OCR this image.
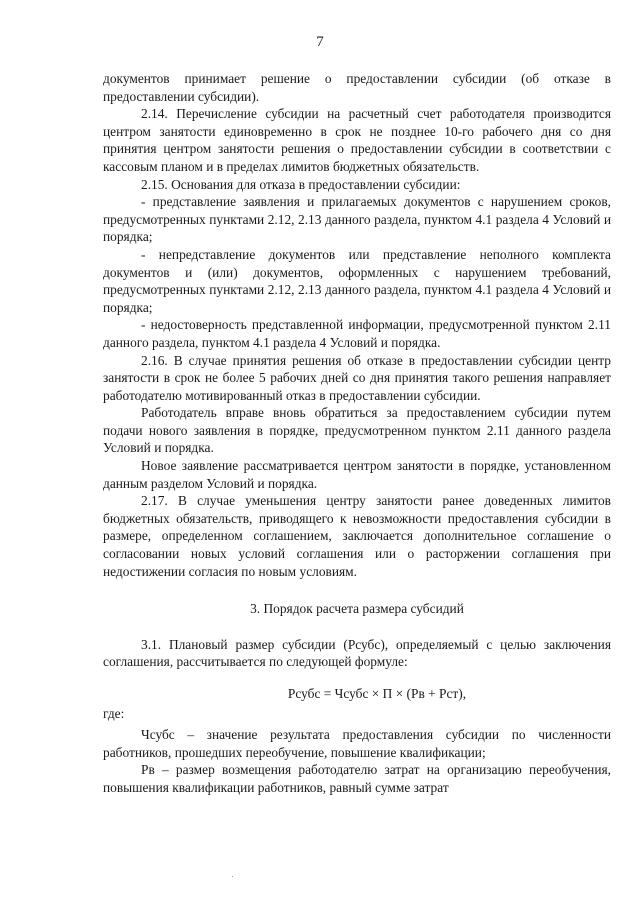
7

документов принимает решение о предоставлении субсидии (об отказе в предоставлении субсидии).

2.14. Перечисление субсидии на расчетный счет работодателя производится центром занятости единовременно в срок не позднее 10-го рабочего дня со дня принятия центром занятости решения о предоставлении субсидии в соответствии с кассовым планом и в пределах лимитов бюджетных обязательств.

2.15. Основания для отказа в предоставлении субсидии:

- представление заявления и прилагаемых документов с нарушением сроков, предусмотренных пунктами 2.12, 2.13 данного раздела, пунктом 4.1 раздела 4 Условий и порядка;

- непредставление документов или представление неполного комплекта документов и (или) документов, оформленных с нарушением требований, предусмотренных пунктами 2.12, 2.13 данного раздела, пунктом 4.1 раздела 4 Условий и порядка;

- недостоверность представленной информации, предусмотренной пунктом 2.11 данного раздела, пунктом 4.1 раздела 4 Условий и порядка.

2.16. В случае принятия решения об отказе в предоставлении субсидии центр занятости в срок не более 5 рабочих дней со дня принятия такого решения направляет работодателю мотивированный отказ в предоставлении субсидии.

Работодатель вправе вновь обратиться за предоставлением субсидии путем подачи нового заявления в порядке, предусмотренном пунктом 2.11 данного раздела Условий и порядка.

Новое заявление рассматривается центром занятости в порядке, установленном данным разделом Условий и порядка.

2.17. В случае уменьшения центру занятости ранее доведенных лимитов бюджетных обязательств, приводящего к невозможности предоставления субсидии в размере, определенном соглашением, заключается дополнительное соглашение о согласовании новых условий соглашения или о расторжении соглашения при недостижении согласия по новым условиям.

3. Порядок расчета размера субсидий

3.1. Плановый размер субсидии (Рсубс), определяемый с целью заключения соглашения, рассчитывается по следующей формуле:

Рсубс = Чсубс × П × (Рв + Рст),

где:

Чсубс – значение результата предоставления субсидии по численности работников, прошедших переобучение, повышение квалификации;

Рв – размер возмещения работодателю затрат на организацию переобучения, повышения квалификации работников, равный сумме затрат
